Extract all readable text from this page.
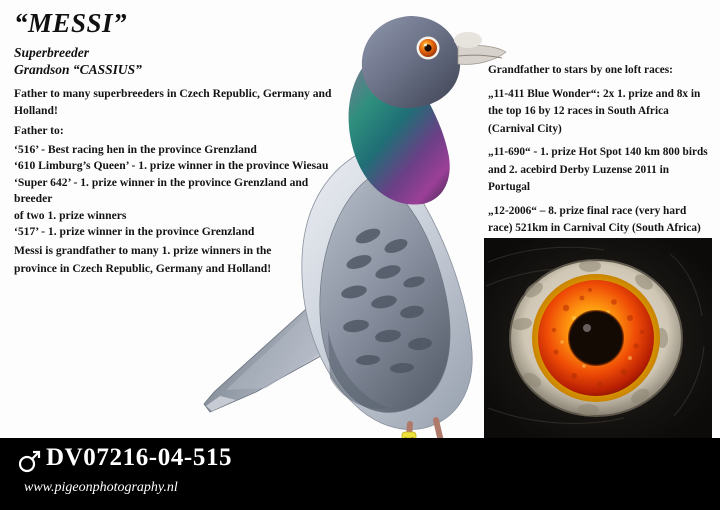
“MESSI”
Superbreeder
Grandson “CASSIUS”

Father to many superbreeders in Czech Republic, Germany and Holland!

Father to:

‘516’ - Best racing hen in the province Grenzland
‘610 Limburg’s Queen’ - 1. prize winner in the province Wiesau
‘Super 642’ - 1. prize winner in the province Grenzland and breeder
of two 1. prize winners
‘517’ - 1. prize winner in the province Grenzland

Messi is grandfather to many 1. prize winners in the province in Czech Republic, Germany and Holland!

Grandfather to stars by one loft races:

„11-411 Blue Wonder“: 2x 1. prize and 8x in the top 16 by 12 races in South Africa (Carnival City)

„11-690“ - 1. prize Hot Spot 140 km 800 birds and 2. acebird Derby Luzense 2011 in Portugal

„12-2006“ – 8. prize final race (very hard race) 521km in Carnival City (South Africa)

DV07216-04-515
www.pigeonphotography.nl
